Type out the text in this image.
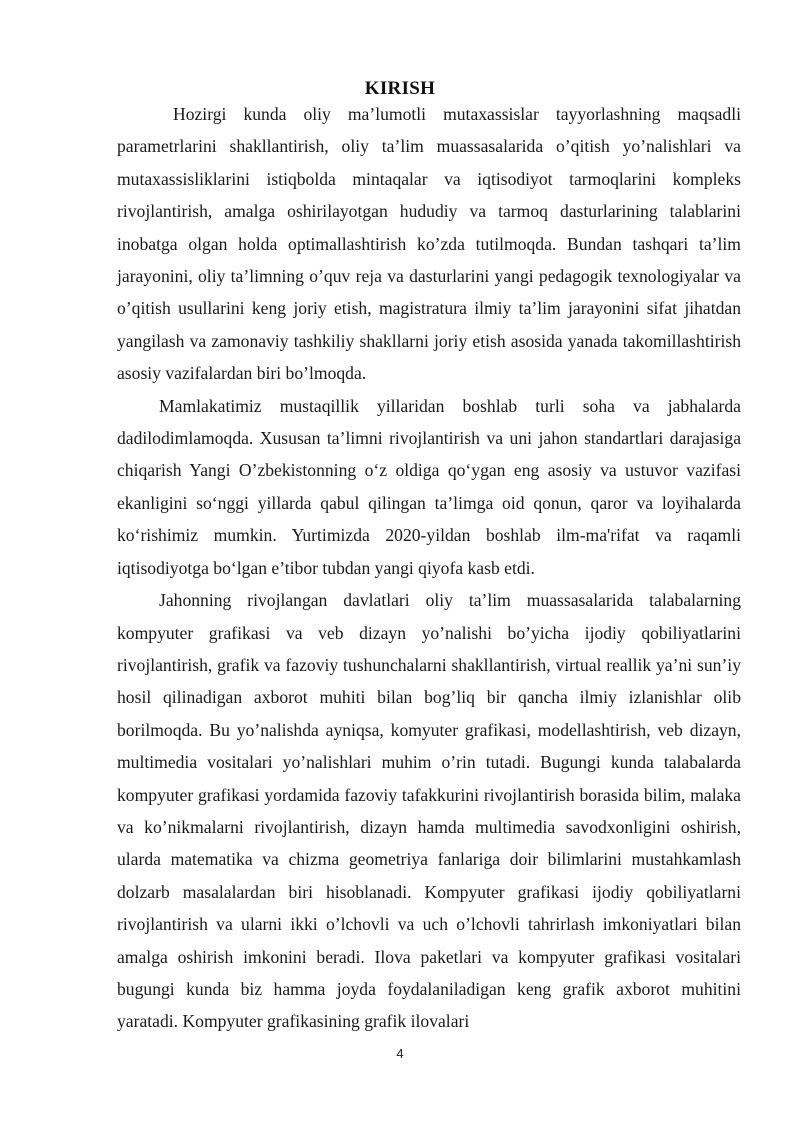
KIRISH

Hozirgi kunda oliy ma’lumotli mutaxassislar tayyorlashning maqsadli parametrlarini shakllantirish, oliy ta’lim muassasalarida o’qitish yo’nalishlari va mutaxassisliklarini istiqbolda mintaqalar va iqtisodiyot tarmoqlarini kompleks rivojlantirish, amalga oshirilayotgan hududiy va tarmoq dasturlarining talablarini inobatga olgan holda optimallashtirish ko’zda tutilmoqda. Bundan tashqari ta’lim jarayonini, oliy ta’limning o’quv reja va dasturlarini yangi pedagogik texnologiyalar va o’qitish usullarini keng joriy etish, magistratura ilmiy ta’lim jarayonini sifat jihatdan yangilash va zamonaviy tashkiliy shakllarni joriy etish asosida yanada takomillashtirish asosiy vazifalardan biri bo’lmoqda.

Mamlakatimiz mustaqillik yillaridan boshlab turli soha va jabhalarda dadilodimlamoqda. Xususan ta’limni rivojlantirish va uni jahon standartlari darajasiga chiqarish Yangi O’zbekistonning o‘z oldiga qo‘ygan eng asosiy va ustuvor vazifasi ekanligini so‘nggi yillarda qabul qilingan ta’limga oid qonun, qaror va loyihalarda ko‘rishimiz mumkin. Yurtimizda 2020-yildan boshlab ilm-ma'rifat va raqamli iqtisodiyotga bo‘lgan e’tibor tubdan yangi qiyofa kasb etdi.

Jahonning rivojlangan davlatlari oliy ta’lim muassasalarida talabalarning kompyuter grafikasi va veb dizayn yo’nalishi bo’yicha ijodiy qobiliyatlarini rivojlantirish, grafik va fazoviy tushunchalarni shakllantirish, virtual reallik ya’ni sun’iy hosil qilinadigan axborot muhiti bilan bog’liq bir qancha ilmiy izlanishlar olib borilmoqda. Bu yo’nalishda ayniqsa, komyuter grafikasi, modellashtirish, veb dizayn, multimedia vositalari yo’nalishlari muhim o’rin tutadi. Bugungi kunda talabalarda kompyuter grafikasi yordamida fazoviy tafakkurini rivojlantirish borasida bilim, malaka va ko’nikmalarni rivojlantirish, dizayn hamda multimedia savodxonligini oshirish, ularda matematika va chizma geometriya fanlariga doir bilimlarini mustahkamlash dolzarb masalalardan biri hisoblanadi. Kompyuter grafikasi ijodiy qobiliyatlarni rivojlantirish va ularni ikki o’lchovli va uch o’lchovli tahrirlash imkoniyatlari bilan amalga oshirish imkonini beradi. Ilova paketlari va kompyuter grafikasi vositalari bugungi kunda biz hamma joyda foydalaniladigan keng grafik axborot muhitini yaratadi. Kompyuter grafikasining grafik ilovalari

4
